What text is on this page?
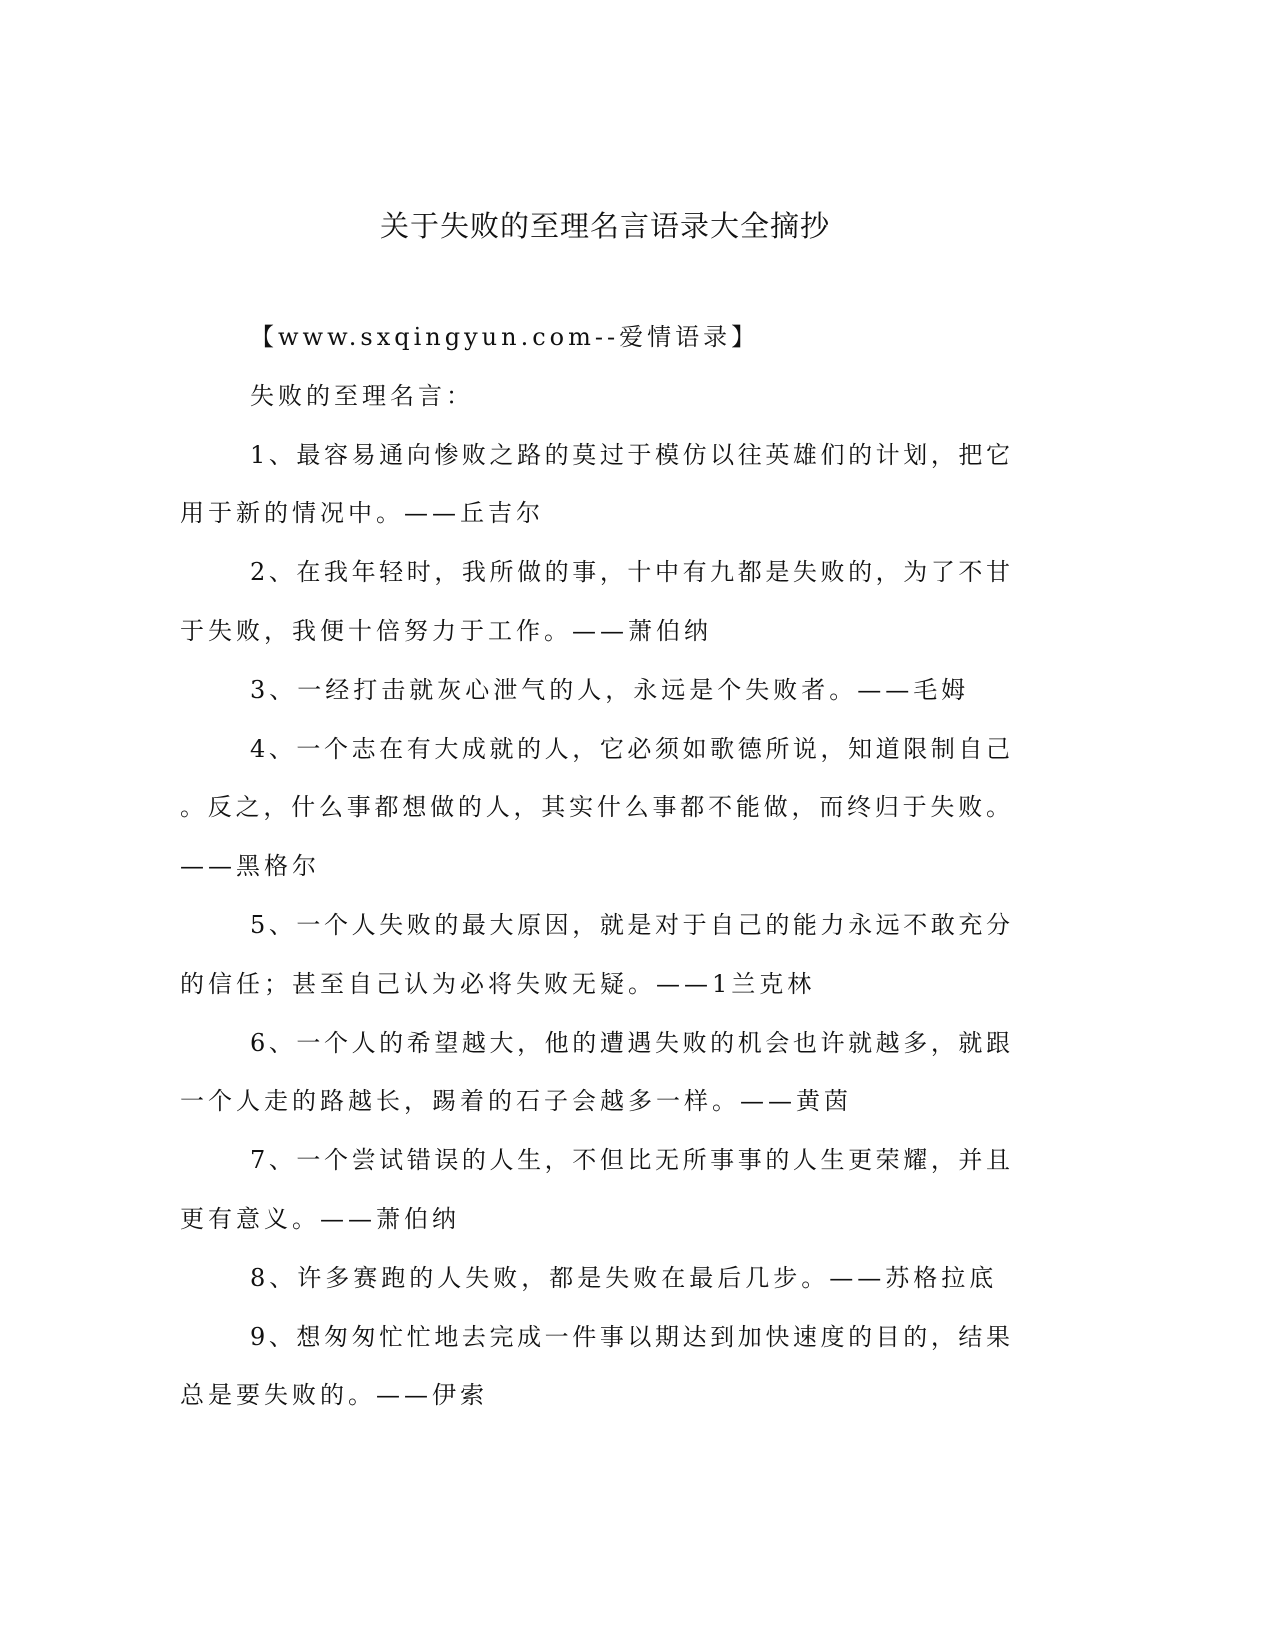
关于失败的至理名言语录大全摘抄
【www.sxqingyun.com--爱情语录】
失败的至理名言：
1、最容易通向惨败之路的莫过于模仿以往英雄们的计划，把它
用于新的情况中。——丘吉尔
2、在我年轻时，我所做的事，十中有九都是失败的，为了不甘
于失败，我便十倍努力于工作。——萧伯纳
3、一经打击就灰心泄气的人，永远是个失败者。——毛姆
4、一个志在有大成就的人，它必须如歌德所说，知道限制自己
。反之，什么事都想做的人，其实什么事都不能做，而终归于失败。
——黑格尔
5、一个人失败的最大原因，就是对于自己的能力永远不敢充分
的信任；甚至自己认为必将失败无疑。——1兰克林
6、一个人的希望越大，他的遭遇失败的机会也许就越多，就跟
一个人走的路越长，踢着的石子会越多一样。——黄茵
7、一个尝试错误的人生，不但比无所事事的人生更荣耀，并且
更有意义。——萧伯纳
8、许多赛跑的人失败，都是失败在最后几步。——苏格拉底
9、想匆匆忙忙地去完成一件事以期达到加快速度的目的，结果
总是要失败的。——伊索
